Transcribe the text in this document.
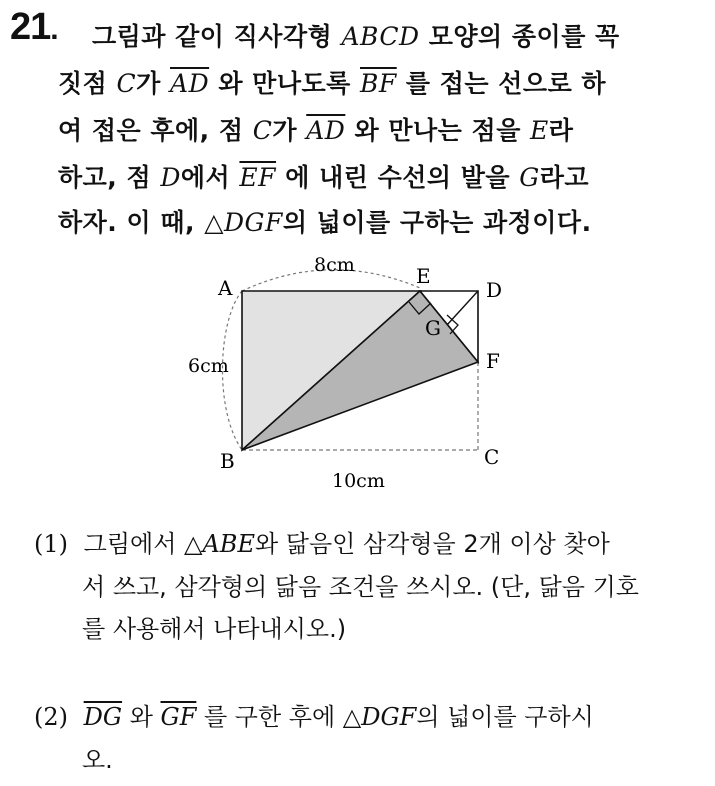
21. 그림과 같이 직사각형 ABCD 모양의 종이를 꼭
짓점 C가 $\overline{AD}$ 와 만나도록 $\overline{BF}$ 를 접는 선으로 하
여 접은 후에, 점 C가 $\overline{AD}$ 와 만나는 점을 E라
하고, 점 D에서 $\overline{EF}$ 에 내린 수선의 발을 G라고
하자. 이 때, △DGF의 넓이를 구하는 과정이다.
A
B	C
D
E
F
G
8cm
6cm
10cm
(1) 그림에서 △ABE와 닮음인 삼각형을 2개 이상 찾아
서 쓰고, 삼각형의 닮음 조건을 쓰시오. (단, 닮음 기호
를 사용해서 나타내시오.)
(2) $\overline{DG}$ 와 $\overline{GF}$ 를 구한 후에 △DGF의 넓이를 구하시
오.
